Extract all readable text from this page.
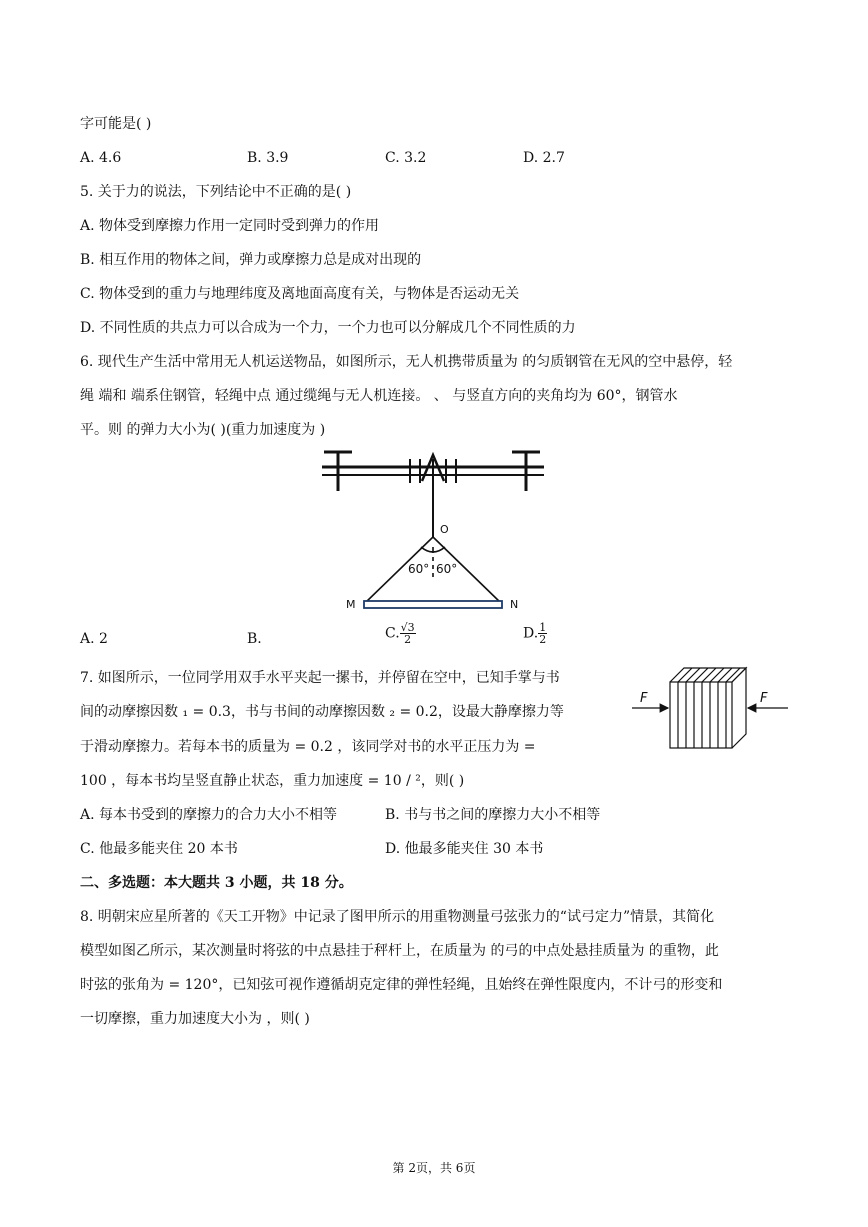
字可能是( )
A. 4.6	B. 3.9	C. 3.2	D. 2.7
5. 关于力的说法，下列结论中不正确的是( )
A. 物体受到摩擦力作用一定同时受到弹力的作用
B. 相互作用的物体之间，弹力或摩擦力总是成对出现的
C. 物体受到的重力与地理纬度及离地面高度有关，与物体是否运动无关
D. 不同性质的共点力可以合成为一个力，一个力也可以分解成几个不同性质的力
6. 现代生产生活中常用无人机运送物品，如图所示，无人机携带质量为 的匀质钢管在无风的空中悬停，轻
绳 端和 端系住钢管，轻绳中点 通过缆绳与无人机连接。 、 与竖直方向的夹角均为 60°，钢管水
平。则 的弹力大小为( )(重力加速度为 )
O
60° 60°
M	N
A. 2	B.	C. $\frac{√3}{2}$	D. $\frac{1}{2}$
7. 如图所示，一位同学用双手水平夹起一摞书，并停留在空中，已知手掌与书
间的动摩擦因数 ₁ = 0.3，书与书间的动摩擦因数 ₂ = 0.2，设最大静摩擦力等
于滑动摩擦力。若每本书的质量为 = 0.2 ，该同学对书的水平正压力为 =
100 ，每本书均呈竖直静止状态，重力加速度 = 10 / ²，则( )
F	F
A. 每本书受到的摩擦力的合力大小不相等	B. 书与书之间的摩擦力大小不相等
C. 他最多能夹住 20 本书	D. 他最多能夹住 30 本书
二、多选题：本大题共 3 小题，共 18 分。
8. 明朝宋应星所著的《天工开物》中记录了图甲所示的用重物测量弓弦张力的“试弓定力”情景，其简化
模型如图乙所示，某次测量时将弦的中点悬挂于秤杆上，在质量为 的弓的中点处悬挂质量为 的重物，此
时弦的张角为 = 120°，已知弦可视作遵循胡克定律的弹性轻绳，且始终在弹性限度内，不计弓的形变和
一切摩擦，重力加速度大小为 ，则( )
第 2页，共 6页
